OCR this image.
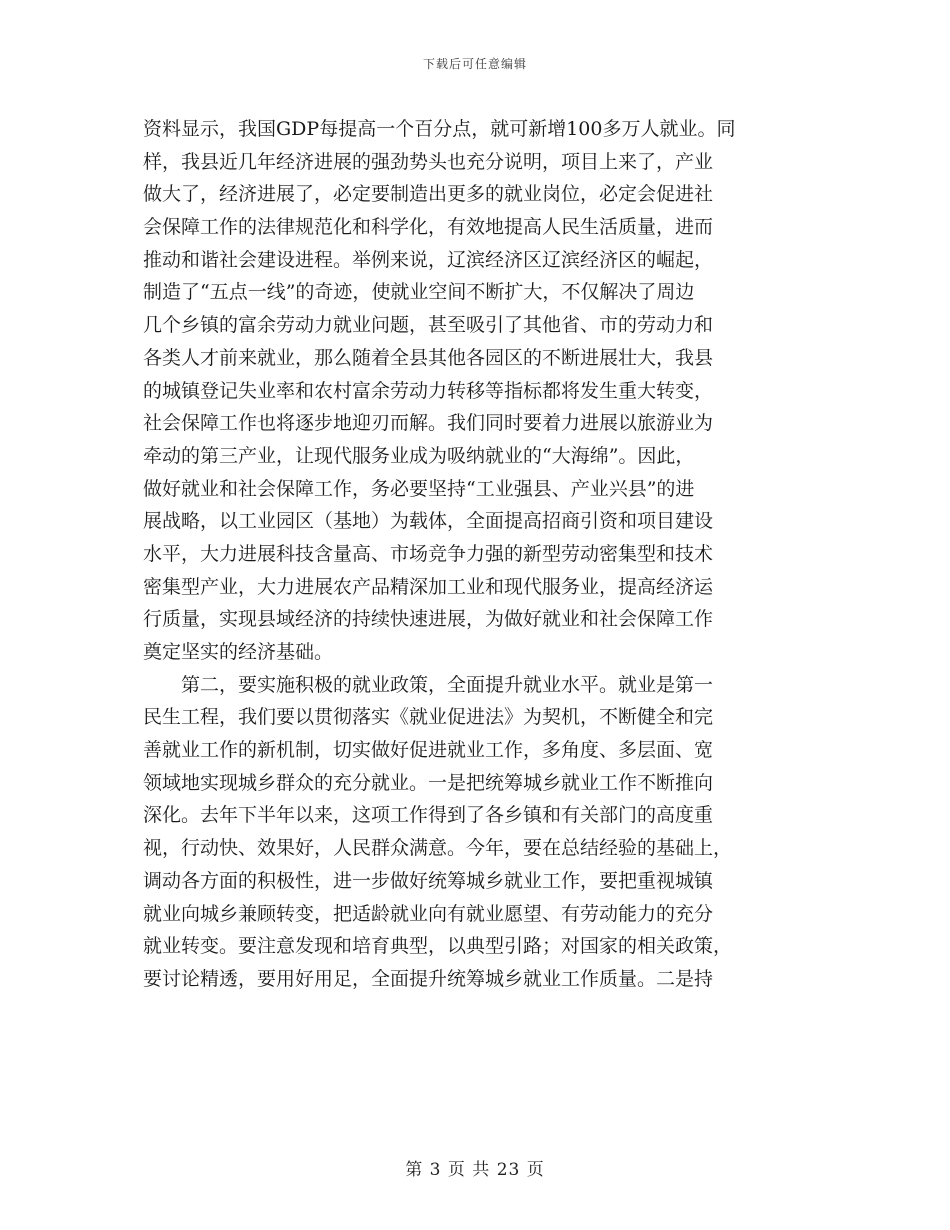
下载后可任意编辑
资料显示，我国GDP每提高一个百分点，就可新增100多万人就业。同
样，我县近几年经济进展的强劲势头也充分说明，项目上来了，产业
做大了，经济进展了，必定要制造出更多的就业岗位，必定会促进社
会保障工作的法律规范化和科学化，有效地提高人民生活质量，进而
推动和谐社会建设进程。举例来说，辽滨经济区辽滨经济区的崛起，
制造了“五点一线”的奇迹，使就业空间不断扩大，不仅解决了周边
几个乡镇的富余劳动力就业问题，甚至吸引了其他省、市的劳动力和
各类人才前来就业，那么随着全县其他各园区的不断进展壮大，我县
的城镇登记失业率和农村富余劳动力转移等指标都将发生重大转变，
社会保障工作也将逐步地迎刃而解。我们同时要着力进展以旅游业为
牵动的第三产业，让现代服务业成为吸纳就业的“大海绵”。因此，
做好就业和社会保障工作，务必要坚持“工业强县、产业兴县”的进
展战略，以工业园区（基地）为载体，全面提高招商引资和项目建设
水平，大力进展科技含量高、市场竞争力强的新型劳动密集型和技术
密集型产业，大力进展农产品精深加工业和现代服务业，提高经济运
行质量，实现县域经济的持续快速进展，为做好就业和社会保障工作
奠定坚实的经济基础。
第二，要实施积极的就业政策，全面提升就业水平。就业是第一
民生工程，我们要以贯彻落实《就业促进法》为契机，不断健全和完
善就业工作的新机制，切实做好促进就业工作，多角度、多层面、宽
领域地实现城乡群众的充分就业。一是把统筹城乡就业工作不断推向
深化。去年下半年以来，这项工作得到了各乡镇和有关部门的高度重
视，行动快、效果好，人民群众满意。今年，要在总结经验的基础上，
调动各方面的积极性，进一步做好统筹城乡就业工作，要把重视城镇
就业向城乡兼顾转变，把适龄就业向有就业愿望、有劳动能力的充分
就业转变。要注意发现和培育典型，以典型引路；对国家的相关政策，
要讨论精透，要用好用足，全面提升统筹城乡就业工作质量。二是持
第 3 页 共 23 页
